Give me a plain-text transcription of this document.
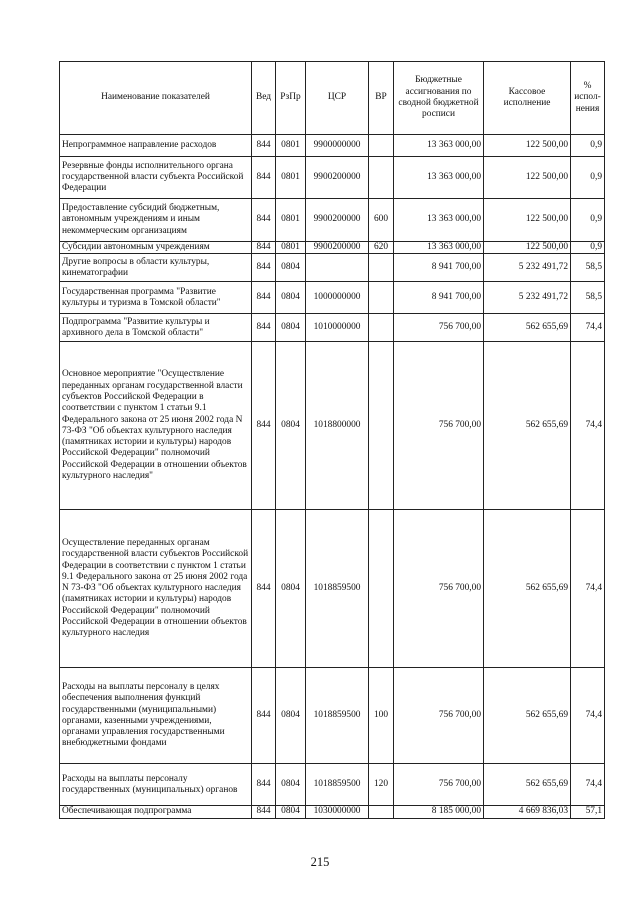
Наименование показателей	Вед	РзПр	ЦСР	ВР	Бюджетные ассигнования по сводной бюджетной росписи	Кассовое исполнение	% испол-нения
Непрограммное направление расходов	844	0801	9900000000		13 363 000,00	122 500,00	0,9
Резервные фонды исполнительного органа государственной власти субъекта Российской Федерации	844	0801	9900200000		13 363 000,00	122 500,00	0,9
Предоставление субсидий бюджетным, автономным учреждениям и иным некоммерческим организациям	844	0801	9900200000	600	13 363 000,00	122 500,00	0,9
Субсидии автономным учреждениям	844	0801	9900200000	620	13 363 000,00	122 500,00	0,9
Другие вопросы в области культуры, кинематографии	844	0804			8 941 700,00	5 232 491,72	58,5
Государственная программа "Развитие культуры и туризма в Томской области"	844	0804	1000000000		8 941 700,00	5 232 491,72	58,5
Подпрограмма "Развитие культуры и архивного дела в Томской области"	844	0804	1010000000		756 700,00	562 655,69	74,4
Основное мероприятие "Осуществление переданных органам государственной власти субъектов Российской Федерации в соответствии с пунктом 1 статьи 9.1 Федерального закона от 25 июня 2002 года N 73-ФЗ "Об объектах культурного наследия (памятниках истории и культуры) народов Российской Федерации" полномочий Российской Федерации в отношении объектов культурного наследия"	844	0804	1018800000		756 700,00	562 655,69	74,4
Осуществление переданных органам государственной власти субъектов Российской Федерации в соответствии с пунктом 1 статьи 9.1 Федерального закона от 25 июня 2002 года N 73-ФЗ "Об объектах культурного наследия (памятниках истории и культуры) народов Российской Федерации" полномочий Российской Федерации в отношении объектов культурного наследия	844	0804	1018859500		756 700,00	562 655,69	74,4
Расходы на выплаты персоналу в целях обеспечения выполнения функций государственными (муниципальными) органами, казенными учреждениями, органами управления государственными внебюджетными фондами	844	0804	1018859500	100	756 700,00	562 655,69	74,4
Расходы на выплаты персоналу государственных (муниципальных) органов	844	0804	1018859500	120	756 700,00	562 655,69	74,4
Обеспечивающая подпрограмма	844	0804	1030000000		8 185 000,00	4 669 836,03	57,1
215
